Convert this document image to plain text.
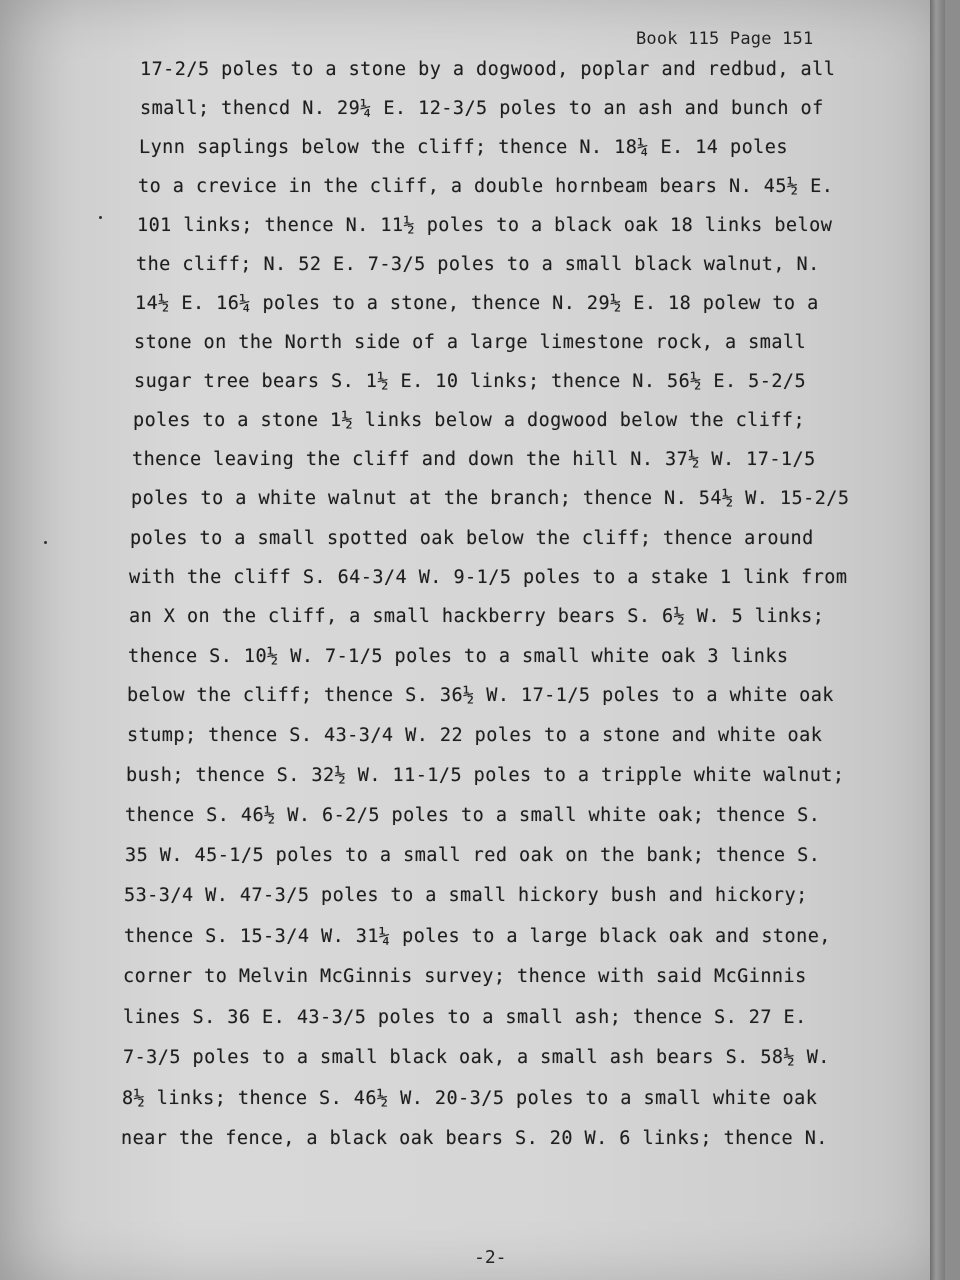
Book 115 Page 151
17-2/5 poles to a stone by a dogwood, poplar and redbud, all
small; thencd N. 29¼ E. 12-3/5 poles to an ash and bunch of
Lynn saplings below the cliff; thence N. 18¼ E. 14 poles
to a crevice in the cliff, a double hornbeam bears N. 45½ E.
101 links; thence N. 11½ poles to a black oak 18 links below
the cliff; N. 52 E. 7-3/5 poles to a small black walnut, N.
14½ E. 16¼ poles to a stone, thence N. 29½ E. 18 polew to a
stone on the North side of a large limestone rock, a small
sugar tree bears S. 1½ E. 10 links; thence N. 56½ E. 5-2/5
poles to a stone 1½ links below a dogwood below the cliff;
thence leaving the cliff and down the hill N. 37½ W. 17-1/5
poles to a white walnut at the branch; thence N. 54½ W. 15-2/5
poles to a small spotted oak below the cliff; thence around
with the cliff S. 64-3/4 W. 9-1/5 poles to a stake 1 link from
an X on the cliff, a small hackberry bears S. 6½ W. 5 links;
thence S. 10½ W. 7-1/5 poles to a small white oak 3 links
below the cliff; thence S. 36½ W. 17-1/5 poles to a white oak
stump; thence S. 43-3/4 W. 22 poles to a stone and white oak
bush; thence S. 32½ W. 11-1/5 poles to a tripple white walnut;
thence S. 46½ W. 6-2/5 poles to a small white oak; thence S.
35 W. 45-1/5 poles to a small red oak on the bank; thence S.
53-3/4 W. 47-3/5 poles to a small hickory bush and hickory;
thence S. 15-3/4 W. 31¼ poles to a large black oak and stone,
corner to Melvin McGinnis survey; thence with said McGinnis
lines S. 36 E. 43-3/5 poles to a small ash; thence S. 27 E.
7-3/5 poles to a small black oak, a small ash bears S. 58½ W.
8½ links; thence S. 46½ W. 20-3/5 poles to a small white oak
near the fence, a black oak bears S. 20 W. 6 links; thence N.
-2-
